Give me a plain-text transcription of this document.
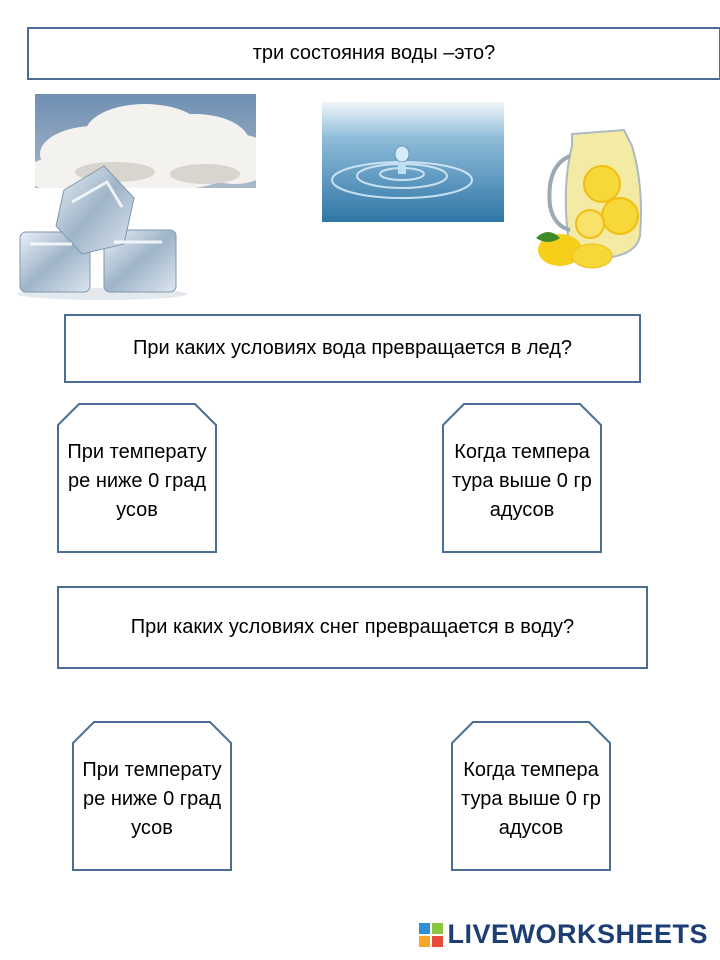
три состояния воды –это?
При каких условиях вода превращается в лед?
При температуре ниже 0 градусов
Когда температура выше 0 градусов
При каких условиях снег превращается в воду?
При температуре ниже 0 градусов
Когда температура выше 0 градусов
LIVEWORKSHEETS
